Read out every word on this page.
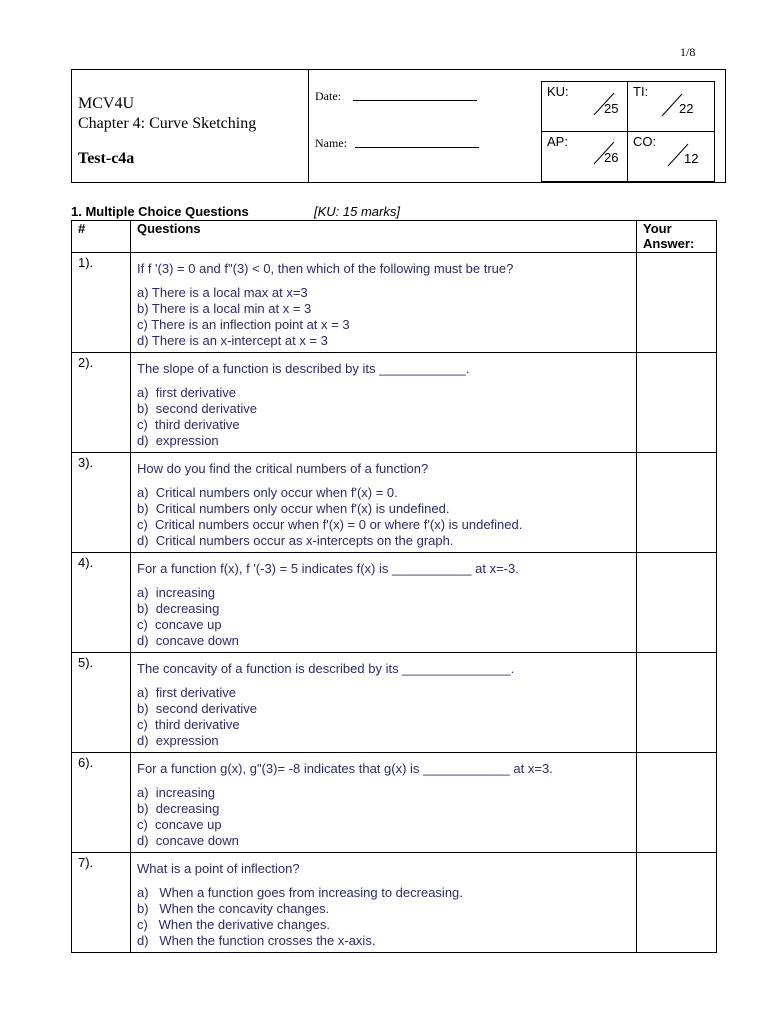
1/8
MCV4U
Chapter 4: Curve Sketching
Test-c4a
Date:
Name:
KU:
25
TI:
22
AP:
26
CO:
12
1. Multiple Choice Questions	[KU: 15 marks]
#	Questions	Your Answer:
1).	If f '(3) = 0 and f"(3) < 0, then which of the following must be true?
a) There is a local max at x=3
b) There is a local min at x = 3
c) There is an inflection point at x = 3
d) There is an x-intercept at x = 3	

2).	The slope of a function is described by its ____________.
a)  first derivative
b)  second derivative
c)  third derivative
d)  expression	

3).	How do you find the critical numbers of a function?
a)  Critical numbers only occur when f'(x) = 0.
b)  Critical numbers only occur when f'(x) is undefined.
c)  Critical numbers occur when f'(x) = 0 or where f'(x) is undefined.
d)  Critical numbers occur as x-intercepts on the graph.	

4).	For a function f(x), f '(-3) = 5 indicates f(x) is ___________ at x=-3.
a)  increasing
b)  decreasing
c)  concave up
d)  concave down	

5).	The concavity of a function is described by its _______________.
a)  first derivative
b)  second derivative
c)  third derivative
d)  expression	

6).	For a function g(x), g"(3)= -8 indicates that g(x) is ____________ at x=3.
a)  increasing
b)  decreasing
c)  concave up
d)  concave down	

7).	What is a point of inflection?
a)   When a function goes from increasing to decreasing.
b)   When the concavity changes.
c)   When the derivative changes.
d)   When the function crosses the x-axis.	
